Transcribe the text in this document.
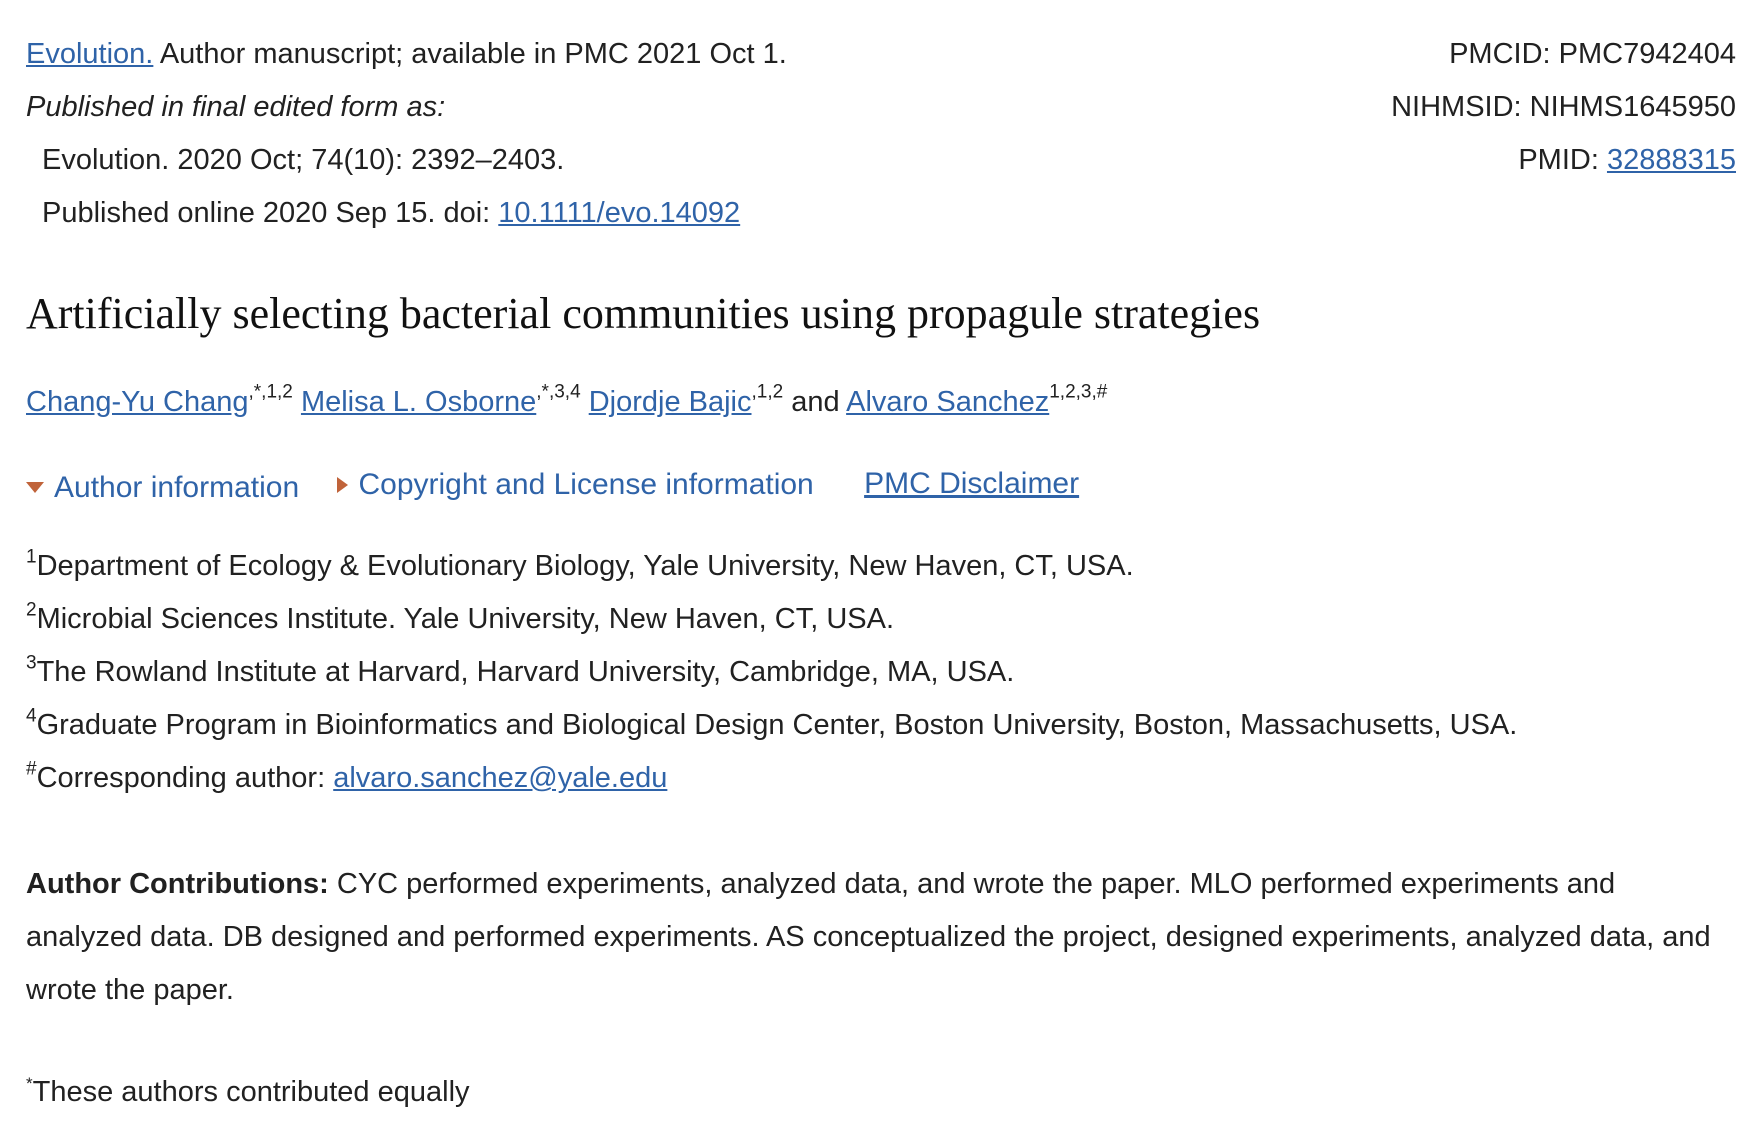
Evolution. Author manuscript; available in PMC 2021 Oct 1.
Published in final edited form as:
Evolution. 2020 Oct; 74(10): 2392–2403.
Published online 2020 Sep 15. doi: 10.1111/evo.14092
PMCID: PMC7942404
NIHMSID: NIHMS1645950
PMID: 32888315
Artificially selecting bacterial communities using propagule strategies
Chang-Yu Chang$^{,*,1,2}$ Melisa L. Osborne$^{,*,3,4}$ Djordje Bajic$^{,1,2}$ and Alvaro Sanchez$^{1,2,3,\#}$
Author information
Copyright and License information PMC Disclaimer
$^1$Department of Ecology & Evolutionary Biology, Yale University, New Haven, CT, USA.
$^2$Microbial Sciences Institute. Yale University, New Haven, CT, USA.
$^3$The Rowland Institute at Harvard, Harvard University, Cambridge, MA, USA.
$^4$Graduate Program in Bioinformatics and Biological Design Center, Boston University, Boston, Massachusetts, USA.
#Corresponding author: alvaro.sanchez@yale.edu
Author Contributions: CYC performed experiments, analyzed data, and wrote the paper. MLO performed experiments and analyzed data. DB designed and performed experiments. AS conceptualized the project, designed experiments, analyzed data, and wrote the paper.
*These authors contributed equally
